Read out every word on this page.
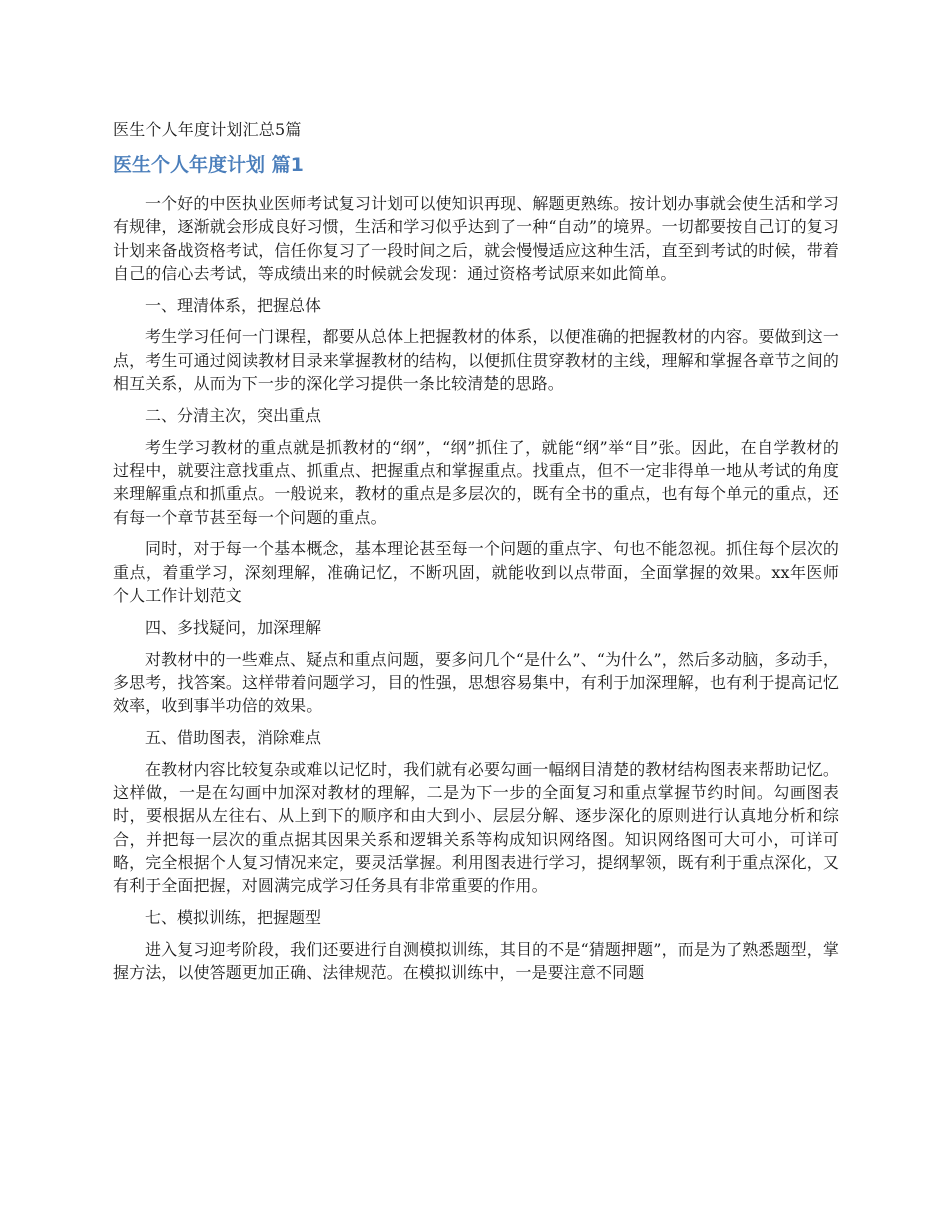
医生个人年度计划汇总5篇
医生个人年度计划 篇1

一个好的中医执业医师考试复习计划可以使知识再现、解题更熟练。按计划办事就会使生活和学习有规律，逐渐就会形成良好习惯，生活和学习似乎达到了一种“自动”的境界。一切都要按自己订的复习计划来备战资格考试，信任你复习了一段时间之后，就会慢慢适应这种生活，直至到考试的时候，带着自己的信心去考试，等成绩出来的时候就会发现：通过资格考试原来如此简单。

一、理清体系，把握总体

考生学习任何一门课程，都要从总体上把握教材的体系，以便准确的把握教材的内容。要做到这一点，考生可通过阅读教材目录来掌握教材的结构，以便抓住贯穿教材的主线，理解和掌握各章节之间的相互关系，从而为下一步的深化学习提供一条比较清楚的思路。

二、分清主次，突出重点

考生学习教材的重点就是抓教材的“纲”，“纲”抓住了，就能“纲”举“目”张。因此，在自学教材的过程中，就要注意找重点、抓重点、把握重点和掌握重点。找重点，但不一定非得单一地从考试的角度来理解重点和抓重点。一般说来，教材的重点是多层次的，既有全书的重点，也有每个单元的重点，还有每一个章节甚至每一个问题的重点。

同时，对于每一个基本概念，基本理论甚至每一个问题的重点字、句也不能忽视。抓住每个层次的重点，着重学习，深刻理解，准确记忆，不断巩固，就能收到以点带面，全面掌握的效果。xx年医师个人工作计划范文

四、多找疑问，加深理解

对教材中的一些难点、疑点和重点问题，要多问几个“是什么”、“为什么”，然后多动脑，多动手，多思考，找答案。这样带着问题学习，目的性强，思想容易集中，有利于加深理解，也有利于提高记忆效率，收到事半功倍的效果。

五、借助图表，消除难点

在教材内容比较复杂或难以记忆时，我们就有必要勾画一幅纲目清楚的教材结构图表来帮助记忆。这样做，一是在勾画中加深对教材的理解，二是为下一步的全面复习和重点掌握节约时间。勾画图表时，要根据从左往右、从上到下的顺序和由大到小、层层分解、逐步深化的原则进行认真地分析和综合，并把每一层次的重点据其因果关系和逻辑关系等构成知识网络图。知识网络图可大可小，可详可略，完全根据个人复习情况来定，要灵活掌握。利用图表进行学习，提纲挈领，既有利于重点深化，又有利于全面把握，对圆满完成学习任务具有非常重要的作用。

七、模拟训练，把握题型

进入复习迎考阶段，我们还要进行自测模拟训练，其目的不是“猜题押题”，而是为了熟悉题型，掌握方法，以使答题更加正确、法律规范。在模拟训练中，一是要注意不同题
